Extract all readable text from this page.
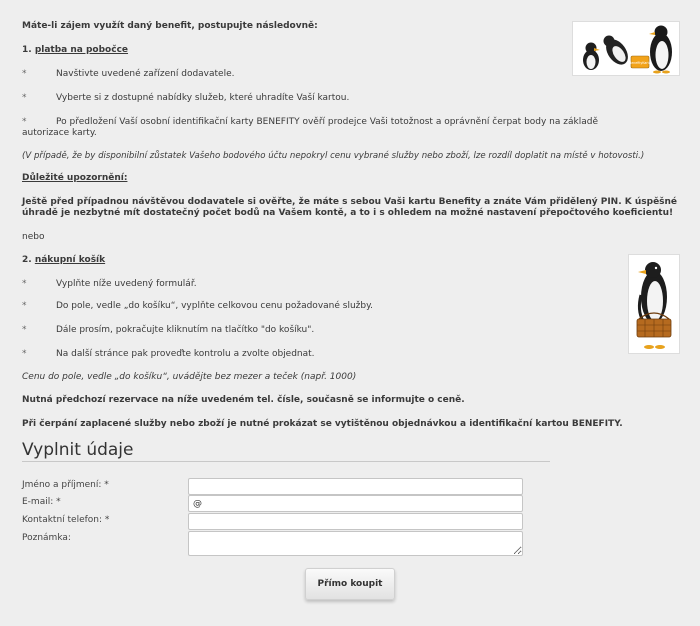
Máte-li zájem využít daný benefit, postupujte následovně:
1. platba na pobočce
*	Navštivte uvedené zařízení dodavatele.
*	Vyberte si z dostupné nabídky služeb, které uhradíte Vaší kartou.
*	Po předložení Vaší osobní identifikační karty BENEFITY ověří prodejce Vaši totožnost a oprávnění čerpat body na základě
autorizace karty.
(V případě, že by disponibilní zůstatek Vašeho bodového účtu nepokryl cenu vybrané služby nebo zboží, lze rozdíl doplatit na místě v hotovosti.)
Důležité upozornění:
Ještě před případnou návštěvou dodavatele si ověřte, že máte s sebou Vaši kartu Benefity a znáte Vám přidělený PIN. K úspěšné
úhradě je nezbytné mít dostatečný počet bodů na Vašem kontě, a to i s ohledem na možné nastavení přepočtového koeficientu!
nebo
2. nákupní košík
*	Vyplňte níže uvedený formulář.
*	Do pole, vedle „do košíku“, vyplňte celkovou cenu požadované služby.
*	Dále prosím, pokračujte kliknutím na tlačítko "do košíku".
*	Na další stránce pak proveďte kontrolu a zvolte objednat.
Cenu do pole, vedle „do košíku“, uvádějte bez mezer a teček (např. 1000)
Nutná předchozí rezervace na níže uvedeném tel. čísle, současně se informujte o ceně.
Při čerpání zaplacené služby nebo zboží je nutné prokázat se vytištěnou objednávkou a identifikační kartou BENEFITY.
BenefityKarta
Vyplnit údaje
Jméno a příjmení: *
E-mail: *
@
Kontaktní telefon: *
Poznámka:
Přímo koupit
